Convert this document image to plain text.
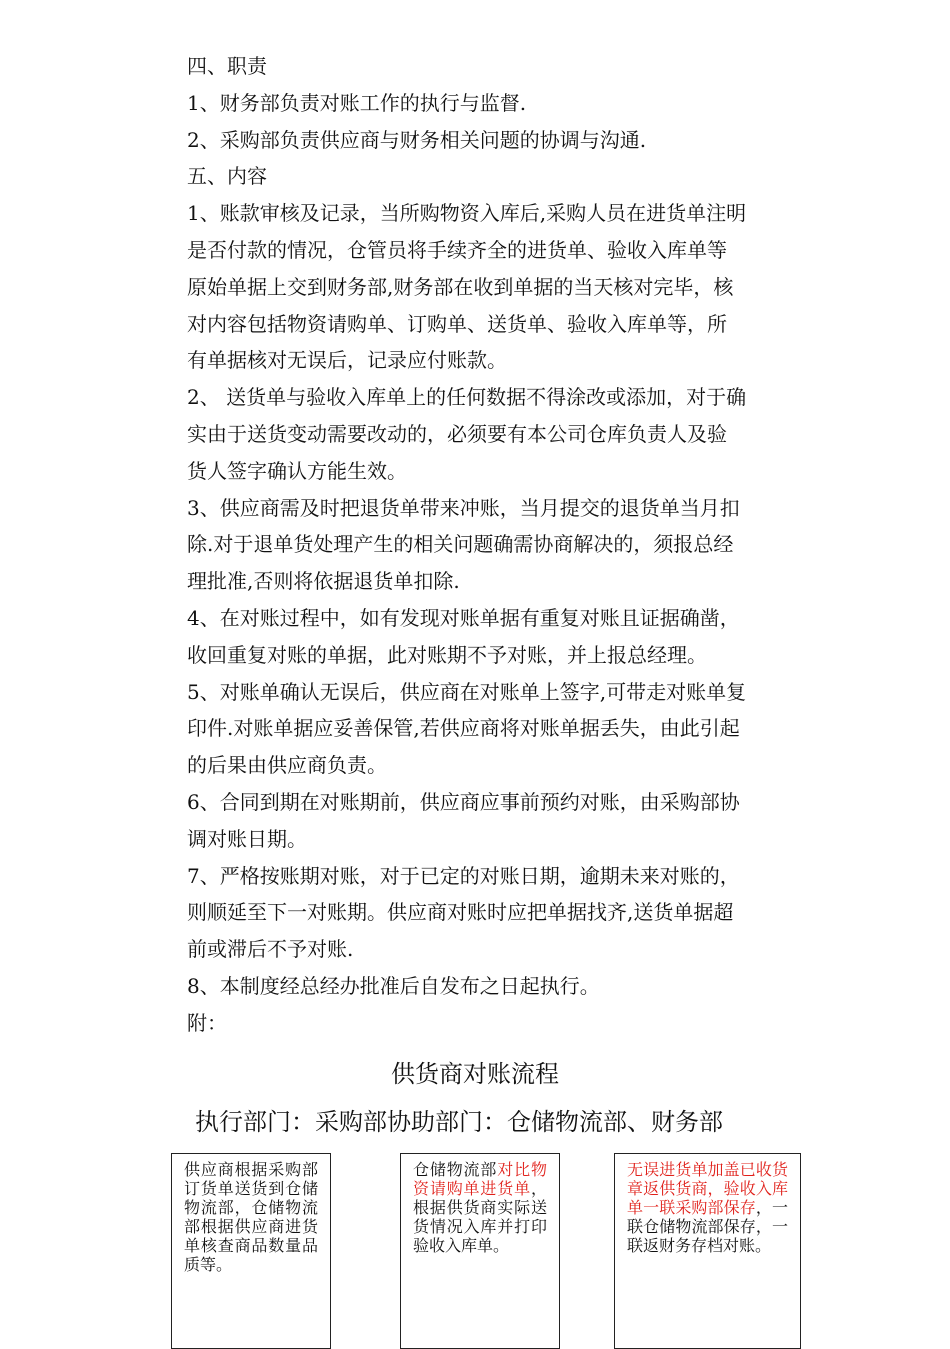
四、职责

1、财务部负责对账工作的执行与监督.

2、采购部负责供应商与财务相关问题的协调与沟通.

五、内容

1、账款审核及记录，当所购物资入库后,采购人员在进货单注明

是否付款的情况，仓管员将手续齐全的进货单、验收入库单等

原始单据上交到财务部,财务部在收到单据的当天核对完毕，核

对内容包括物资请购单、订购单、送货单、验收入库单等，所

有单据核对无误后，记录应付账款。

2、 送货单与验收入库单上的任何数据不得涂改或添加，对于确

实由于送货变动需要改动的，必须要有本公司仓库负责人及验

货人签字确认方能生效。

3、供应商需及时把退货单带来冲账，当月提交的退货单当月扣

除.对于退单货处理产生的相关问题确需协商解决的，须报总经

理批准,否则将依据退货单扣除.

4、在对账过程中，如有发现对账单据有重复对账且证据确凿，

收回重复对账的单据，此对账期不予对账，并上报总经理。

5、对账单确认无误后，供应商在对账单上签字,可带走对账单复

印件.对账单据应妥善保管,若供应商将对账单据丢失，由此引起

的后果由供应商负责。

6、合同到期在对账期前，供应商应事前预约对账，由采购部协

调对账日期。

7、严格按账期对账，对于已定的对账日期，逾期未来对账的，

则顺延至下一对账期。供应商对账时应把单据找齐,送货单据超

前或滞后不予对账.

8、本制度经总经办批准后自发布之日起执行。

附：

供货商对账流程
执行部门：采购部协助部门：仓储物流部、财务部
供应商根据采购部订货单送货到仓储物流部，仓储物流部根据供应商进货单核查商品数量品质等。
仓储物流部对比物资请购单进货单，根据供货商实际送货情况入库并打印验收入库单。
无误进货单加盖已收货章返供货商，验收入库单一联采购部保存，一联仓储物流部保存，一联返财务存档对账。
